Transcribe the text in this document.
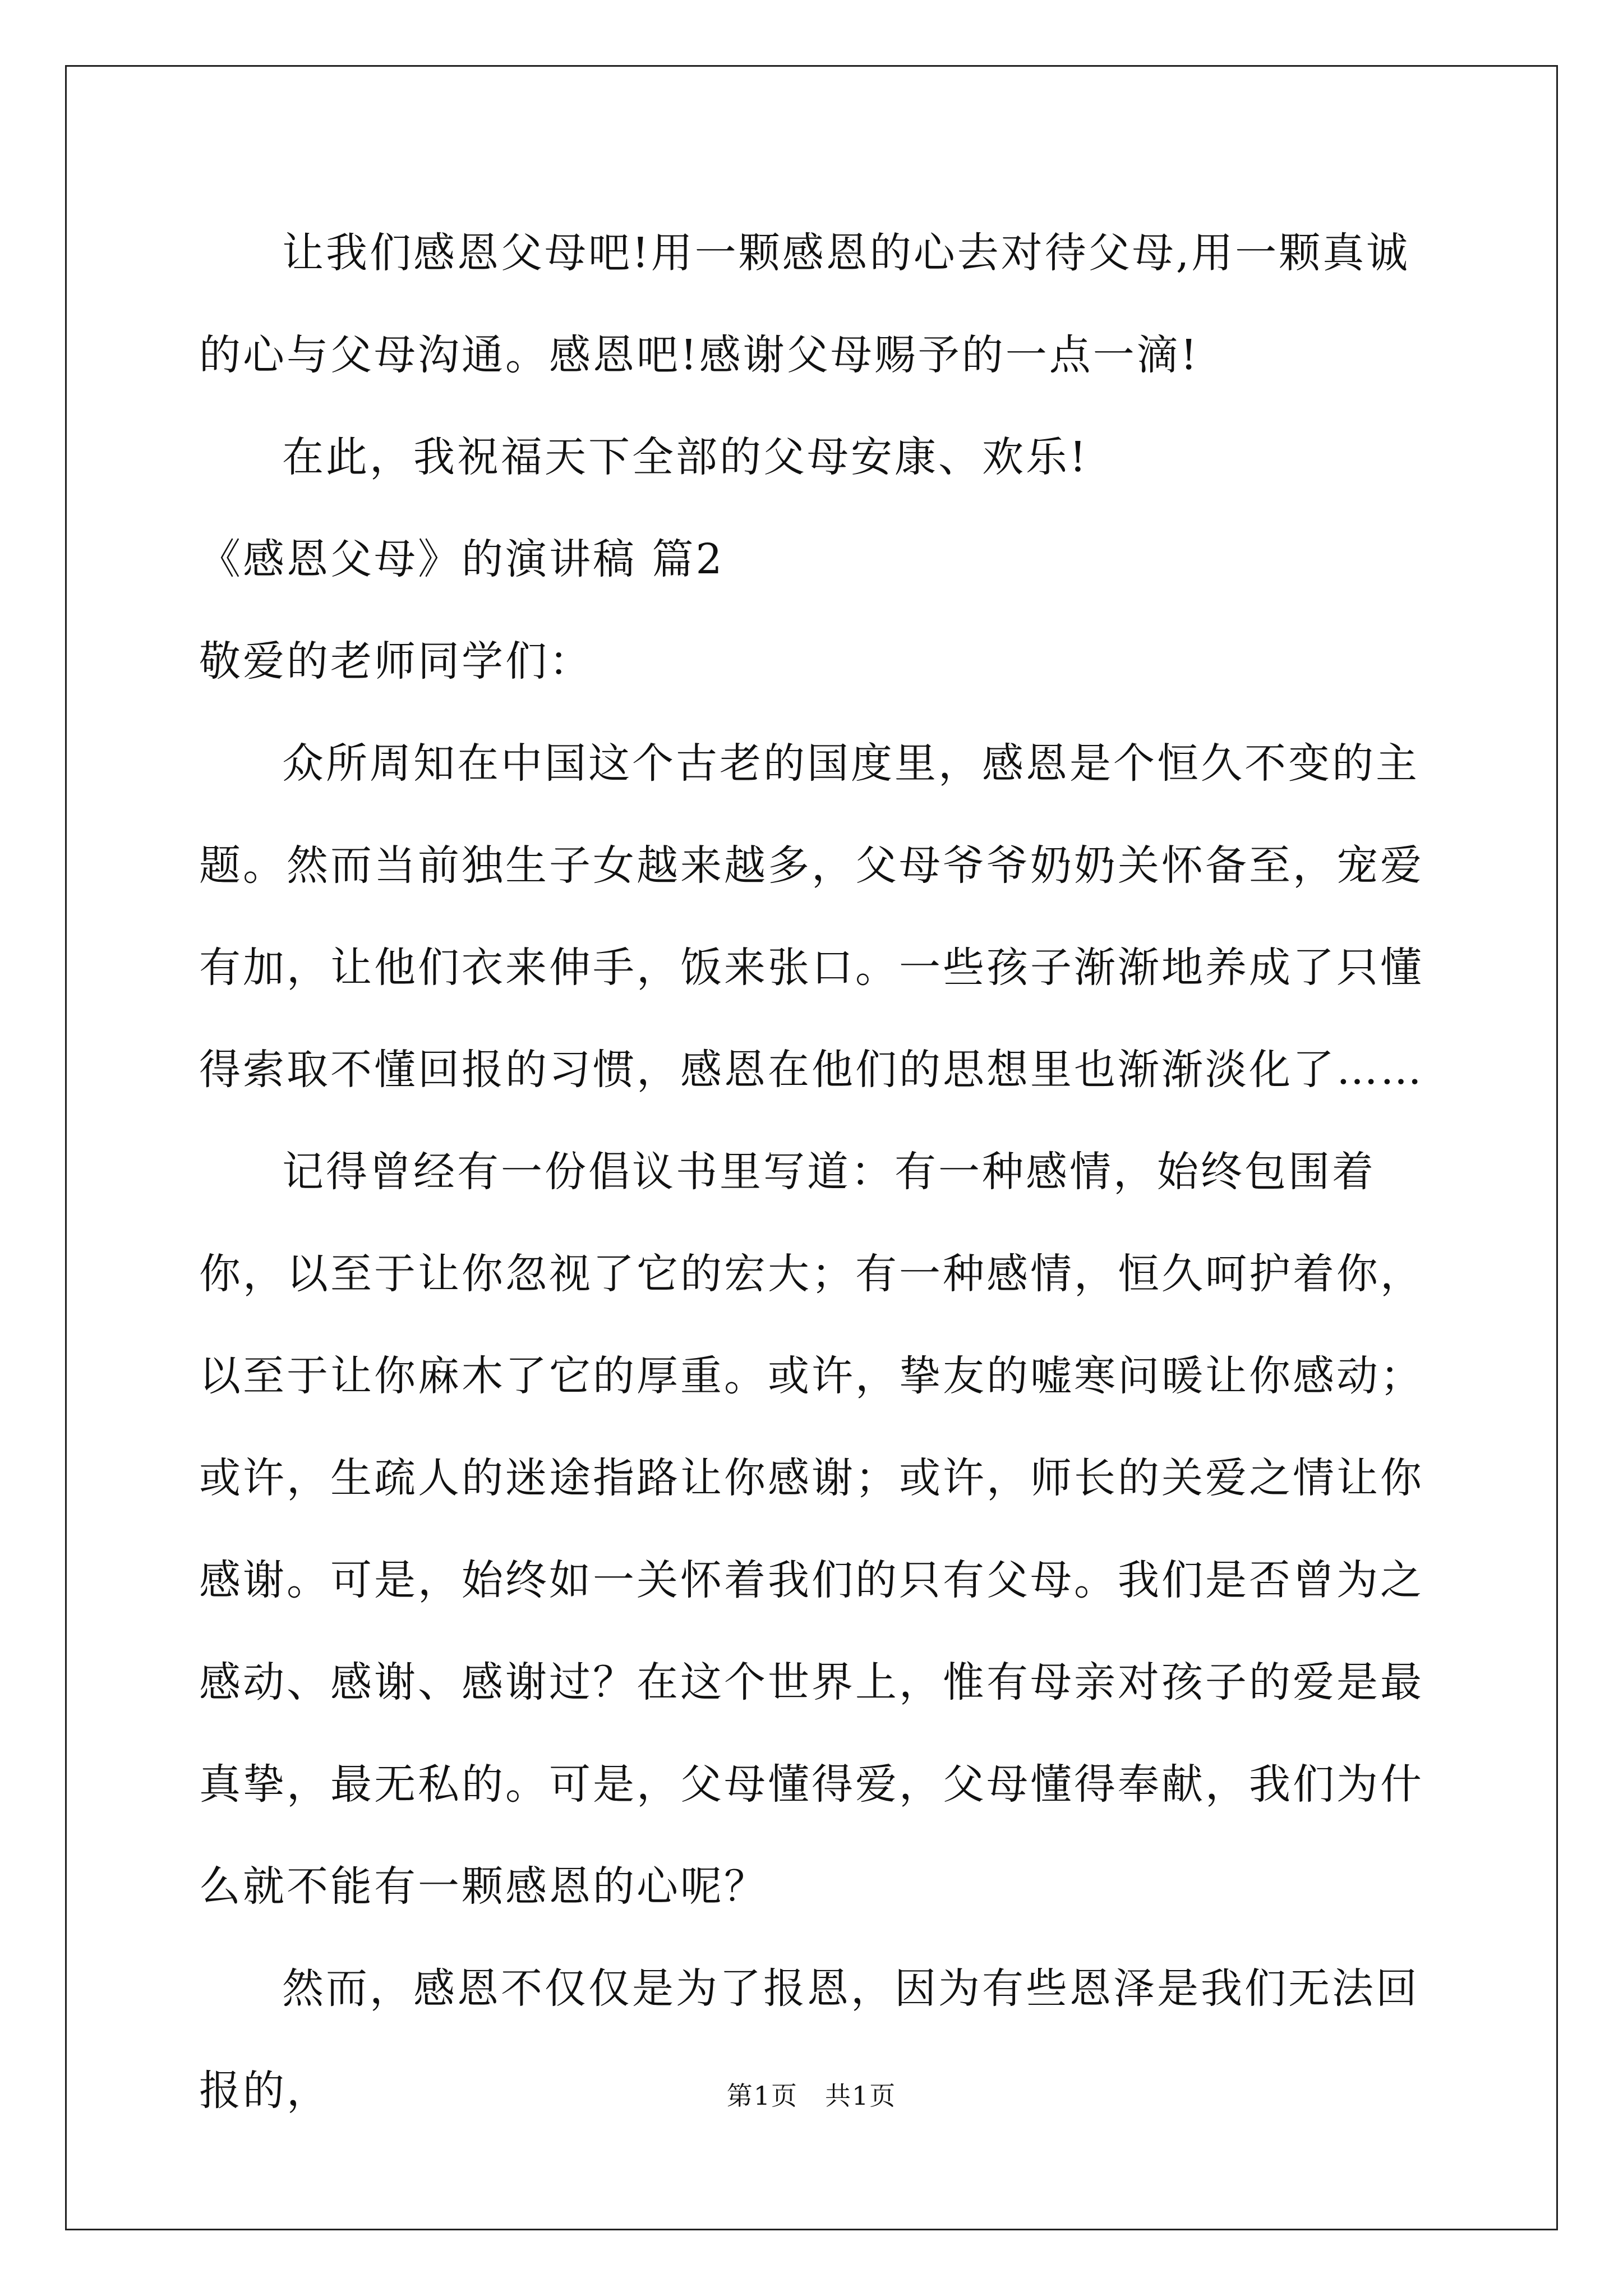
让我们感恩父母吧!用一颗感恩的心去对待父母,用一颗真诚的心与父母沟通。感恩吧!感谢父母赐予的一点一滴!

在此，我祝福天下全部的父母安康、欢乐!

《感恩父母》的演讲稿 篇2

敬爱的老师同学们：

众所周知在中国这个古老的国度里，感恩是个恒久不变的主题。然而当前独生子女越来越多，父母爷爷奶奶关怀备至，宠爱有加，让他们衣来伸手，饭来张口。一些孩子渐渐地养成了只懂得索取不懂回报的习惯，感恩在他们的思想里也渐渐淡化了……

记得曾经有一份倡议书里写道：有一种感情，始终包围着你，以至于让你忽视了它的宏大；有一种感情，恒久呵护着你，以至于让你麻木了它的厚重。或许，挚友的嘘寒问暖让你感动；或许，生疏人的迷途指路让你感谢；或许，师长的关爱之情让你感谢。可是，始终如一关怀着我们的只有父母。我们是否曾为之感动、感谢、感谢过？在这个世界上，惟有母亲对孩子的爱是最真挚，最无私的。可是，父母懂得爱，父母懂得奉献，我们为什么就不能有一颗感恩的心呢？

然而，感恩不仅仅是为了报恩，因为有些恩泽是我们无法回报的，	第1页　共1页
